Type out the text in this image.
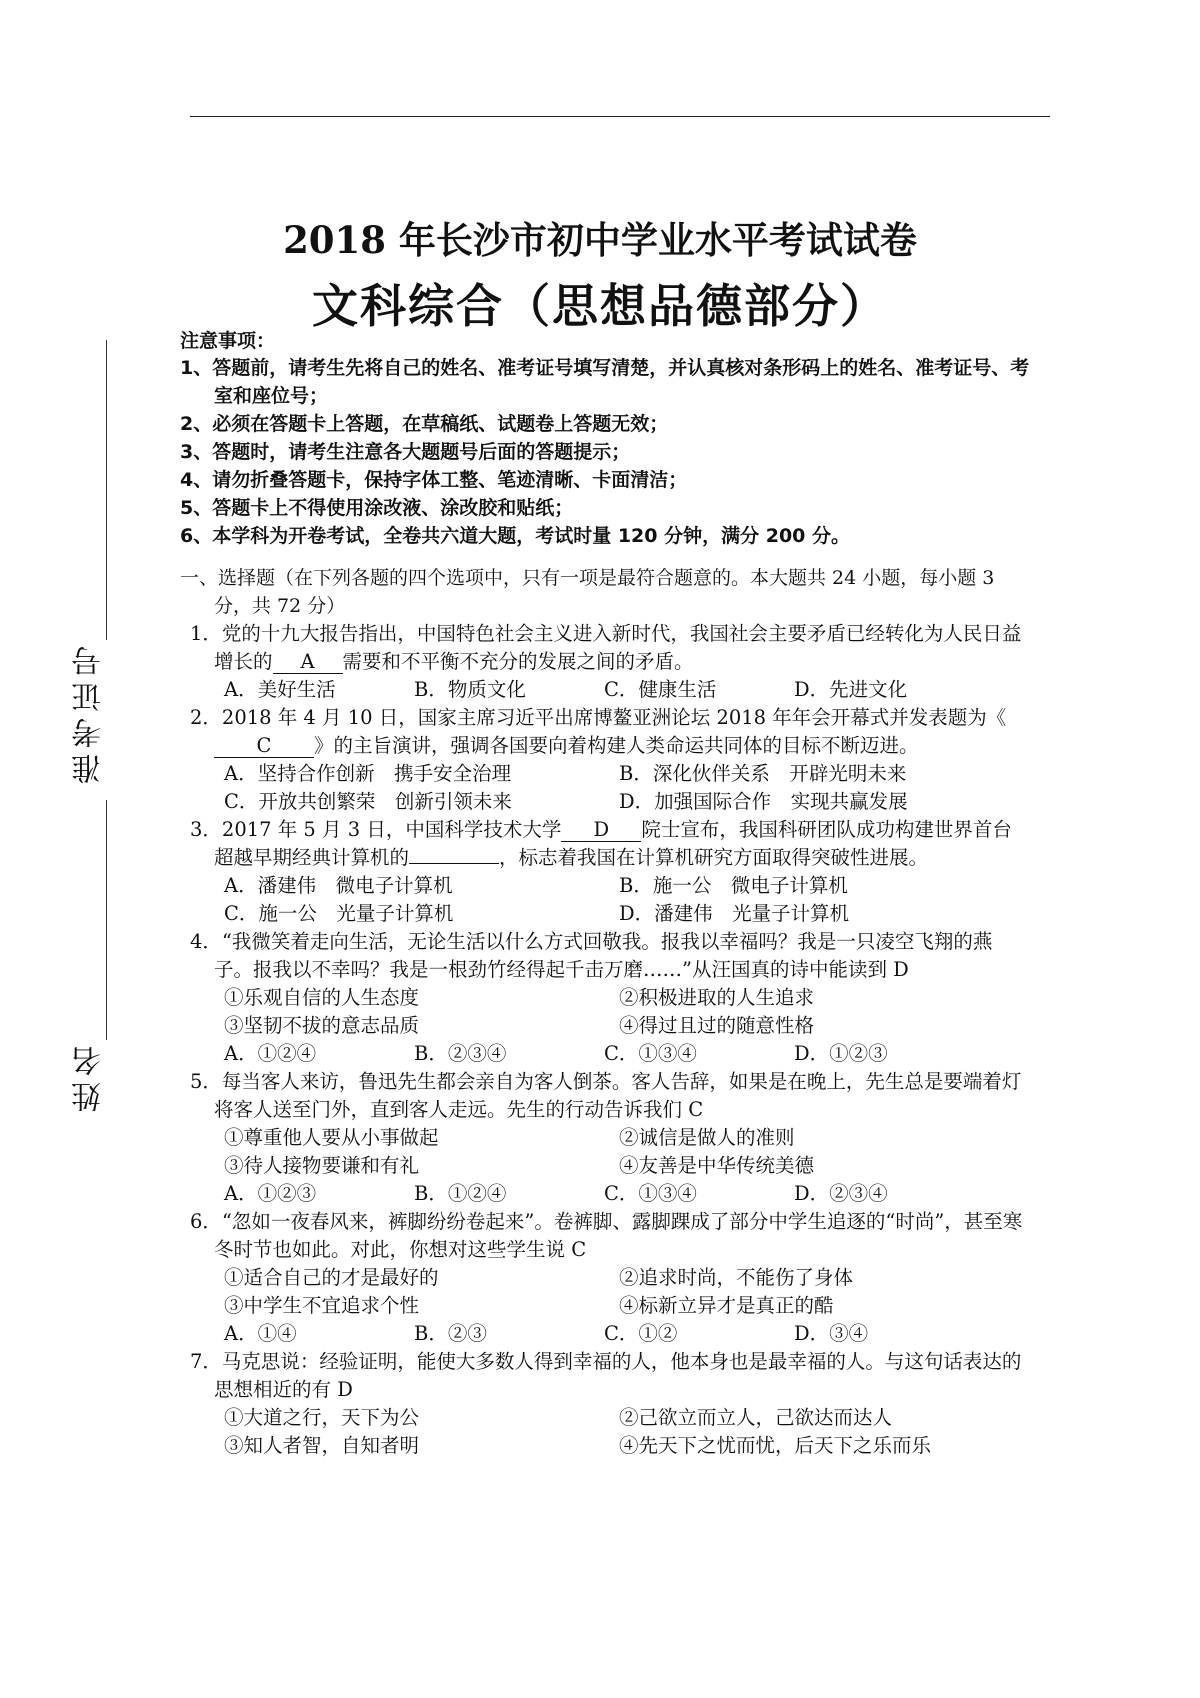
准考证号
姓名
2018 年长沙市初中学业水平考试试卷
文科综合（思想品德部分）
注意事项：
1、答题前，请考生先将自己的姓名、准考证号填写清楚，并认真核对条形码上的姓名、准考证号、考室和座位号；
2、必须在答题卡上答题，在草稿纸、试题卷上答题无效；
3、答题时，请考生注意各大题题号后面的答题提示；
4、请勿折叠答题卡，保持字体工整、笔迹清晰、卡面清洁；
5、答题卡上不得使用涂改液、涂改胶和贴纸；
6、本学科为开卷考试，全卷共六道大题，考试时量 120 分钟，满分 200 分。
一、选择题（在下列各题的四个选项中，只有一项是最符合题意的。本大题共 24 小题，每小题 3 分，共 72 分）
1．党的十九大报告指出，中国特色社会主义进入新时代，我国社会主要矛盾已经转化为人民日益增长的 A 需要和不平衡不充分的发展之间的矛盾。
A．美好生活	B．物质文化	C．健康生活	D．先进文化
2．2018 年 4 月 10 日，国家主席习近平出席博鳌亚洲论坛 2018 年年会开幕式并发表题为《C 》的主旨演讲，强调各国要向着构建人类命运共同体的目标不断迈进。
A．坚持合作创新　携手安全治理	B．深化伙伴关系　开辟光明未来
C．开放共创繁荣　创新引领未来	D．加强国际合作　实现共赢发展
3．2017 年 5 月 3 日，中国科学技术大学 D 院士宣布，我国科研团队成功构建世界首台超越早期经典计算机的	，标志着我国在计算机研究方面取得突破性进展。
A．潘建伟　微电子计算机	B．施一公　微电子计算机
C．施一公　光量子计算机	D．潘建伟　光量子计算机
4．“我微笑着走向生活，无论生活以什么方式回敬我。报我以幸福吗？我是一只凌空飞翔的燕子。报我以不幸吗？我是一根劲竹经得起千击万磨……”从汪国真的诗中能读到 D
①乐观自信的人生态度	②积极进取的人生追求
③坚韧不拔的意志品质	④得过且过的随意性格
A．①②④	B．②③④	C．①③④	D．①②③
5．每当客人来访，鲁迅先生都会亲自为客人倒茶。客人告辞，如果是在晚上，先生总是要端着灯将客人送至门外，直到客人走远。先生的行动告诉我们 C
①尊重他人要从小事做起	②诚信是做人的准则
③待人接物要谦和有礼	④友善是中华传统美德
A．①②③	B．①②④	C．①③④	D．②③④
6．“忽如一夜春风来，裤脚纷纷卷起来”。卷裤脚、露脚踝成了部分中学生追逐的“时尚”，甚至寒冬时节也如此。对此，你想对这些学生说 C
①适合自己的才是最好的	②追求时尚，不能伤了身体
③中学生不宜追求个性	④标新立异才是真正的酷
A．①④	B．②③	C．①②	D．③④
7．马克思说：经验证明，能使大多数人得到幸福的人，他本身也是最幸福的人。与这句话表达的思想相近的有 D
①大道之行，天下为公	②己欲立而立人，己欲达而达人
③知人者智，自知者明	④先天下之忧而忧，后天下之乐而乐
